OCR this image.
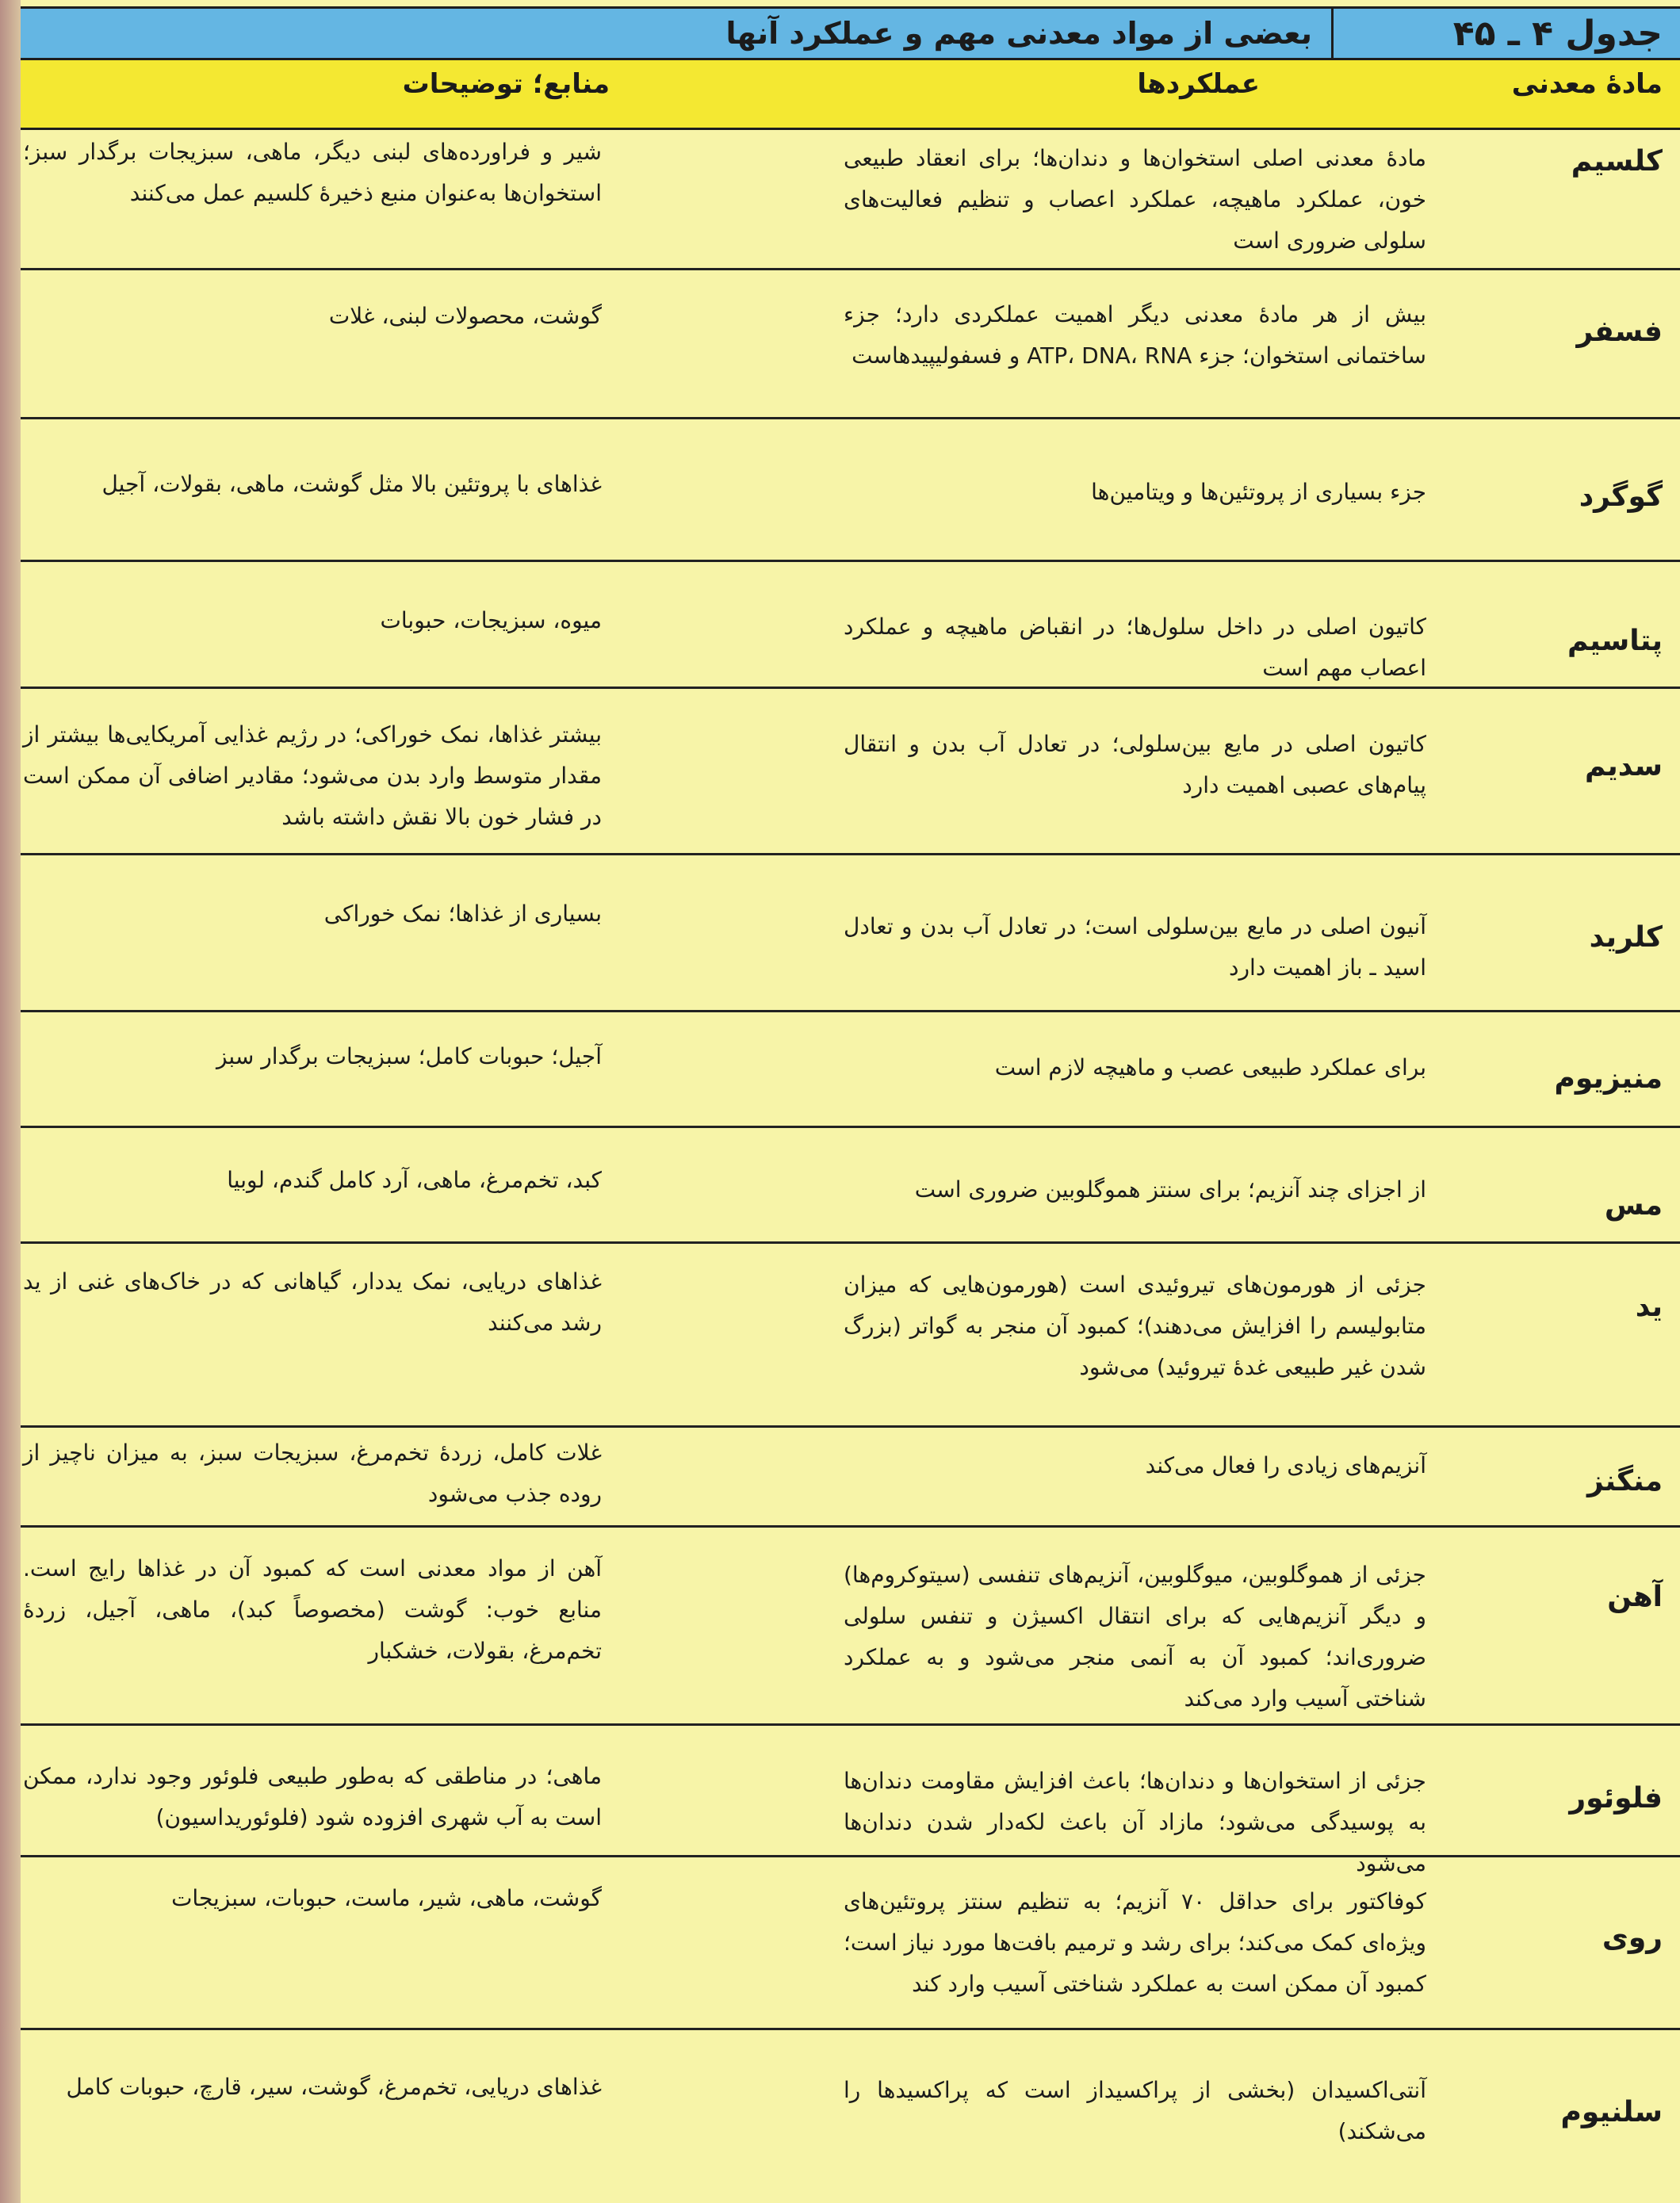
جدول ۴ ـ ۴۵
بعضی از مواد معدنی مهم و عملکرد آنها
مادهٔ معدنی
عملکردها
منابع؛ توضیحات
کلسیم
مادهٔ معدنی اصلی استخوان‌ها و دندان‌ها؛ برای انعقاد طبیعی خون، عملکرد ماهیچه، عملکرد اعصاب و تنظیم فعالیت‌های سلولی ضروری است
شیر و فراورده‌های لبنی دیگر، ماهی، سبزیجات برگدار سبز؛ استخوان‌ها به‌عنوان منبع ذخیرهٔ کلسیم عمل می‌کنند
فسفر
بیش از هر مادهٔ معدنی دیگر اهمیت عملکردی دارد؛ جزء ساختمانی استخوان؛ جزء ATP، DNA، RNA و فسفولیپیدهاست
گوشت، محصولات لبنی، غلات
گوگرد
جزء بسیاری از پروتئین‌ها و ویتامین‌ها
غذاهای با پروتئین بالا مثل گوشت، ماهی، بقولات، آجیل
پتاسیم
کاتیون اصلی در داخل سلول‌ها؛ در انقباض ماهیچه و عملکرد اعصاب مهم است
میوه، سبزیجات، حبوبات
سدیم
کاتیون اصلی در مایع بین‌سلولی؛ در تعادل آب بدن و انتقال پیام‌های عصبی اهمیت دارد
بیشتر غذاها، نمک خوراکی؛ در رژیم غذایی آمریکایی‌ها بیشتر از مقدار متوسط وارد بدن می‌شود؛ مقادیر اضافی آن ممکن است در فشار خون بالا نقش داشته باشد
کلرید
آنیون اصلی در مایع بین‌سلولی است؛ در تعادل آب بدن و تعادل اسید ـ باز اهمیت دارد
بسیاری از غذاها؛ نمک خوراکی
منیزیوم
برای عملکرد طبیعی عصب و ماهیچه لازم است
آجیل؛ حبوبات کامل؛ سبزیجات برگدار سبز
مس
از اجزای چند آنزیم؛ برای سنتز هموگلوبین ضروری است
کبد، تخم‌مرغ، ماهی، آرد کامل گندم، لوبیا
ید
جزئی از هورمون‌های تیروئیدی است (هورمون‌هایی که میزان متابولیسم را افزایش می‌دهند)؛ کمبود آن منجر به گواتر (بزرگ شدن غیر طبیعی غدهٔ تیروئید) می‌شود
غذاهای دریایی، نمک یددار، گیاهانی که در خاک‌های غنی از ید رشد می‌کنند
منگنز
آنزیم‌های زیادی را فعال می‌کند
غلات کامل، زردهٔ تخم‌مرغ، سبزیجات سبز، به میزان ناچیز از روده جذب می‌شود
آهن
جزئی از هموگلوبین، میوگلوبین، آنزیم‌های تنفسی (سیتوکروم‌ها) و دیگر آنزیم‌هایی که برای انتقال اکسیژن و تنفس سلولی ضروری‌اند؛ کمبود آن به آنمی منجر می‌شود و به عملکرد شناختی آسیب وارد می‌کند
آهن از مواد معدنی است که کمبود آن در غذاها رایج است. منابع خوب: گوشت (مخصوصاً کبد)، ماهی، آجیل، زردهٔ تخم‌مرغ، بقولات، خشکبار
فلوئور
جزئی از استخوان‌ها و دندان‌ها؛ باعث افزایش مقاومت دندان‌ها به پوسیدگی می‌شود؛ مازاد آن باعث لکه‌دار شدن دندان‌ها می‌شود
ماهی؛ در مناطقی که به‌طور طبیعی فلوئور وجود ندارد، ممکن است به آب شهری افزوده شود (فلوئوریداسیون)
روی
کوفاکتور برای حداقل ۷۰ آنزیم؛ به تنظیم سنتز پروتئین‌های ویژه‌ای کمک می‌کند؛ برای رشد و ترمیم بافت‌ها مورد نیاز است؛ کمبود آن ممکن است به عملکرد شناختی آسیب وارد کند
گوشت، ماهی، شیر، ماست، حبوبات، سبزیجات
سلنیوم
آنتی‌اکسیدان (بخشی از پراکسیداز است که پراکسیدها را می‌شکند)
غذاهای دریایی، تخم‌مرغ، گوشت، سیر، قارچ، حبوبات کامل
